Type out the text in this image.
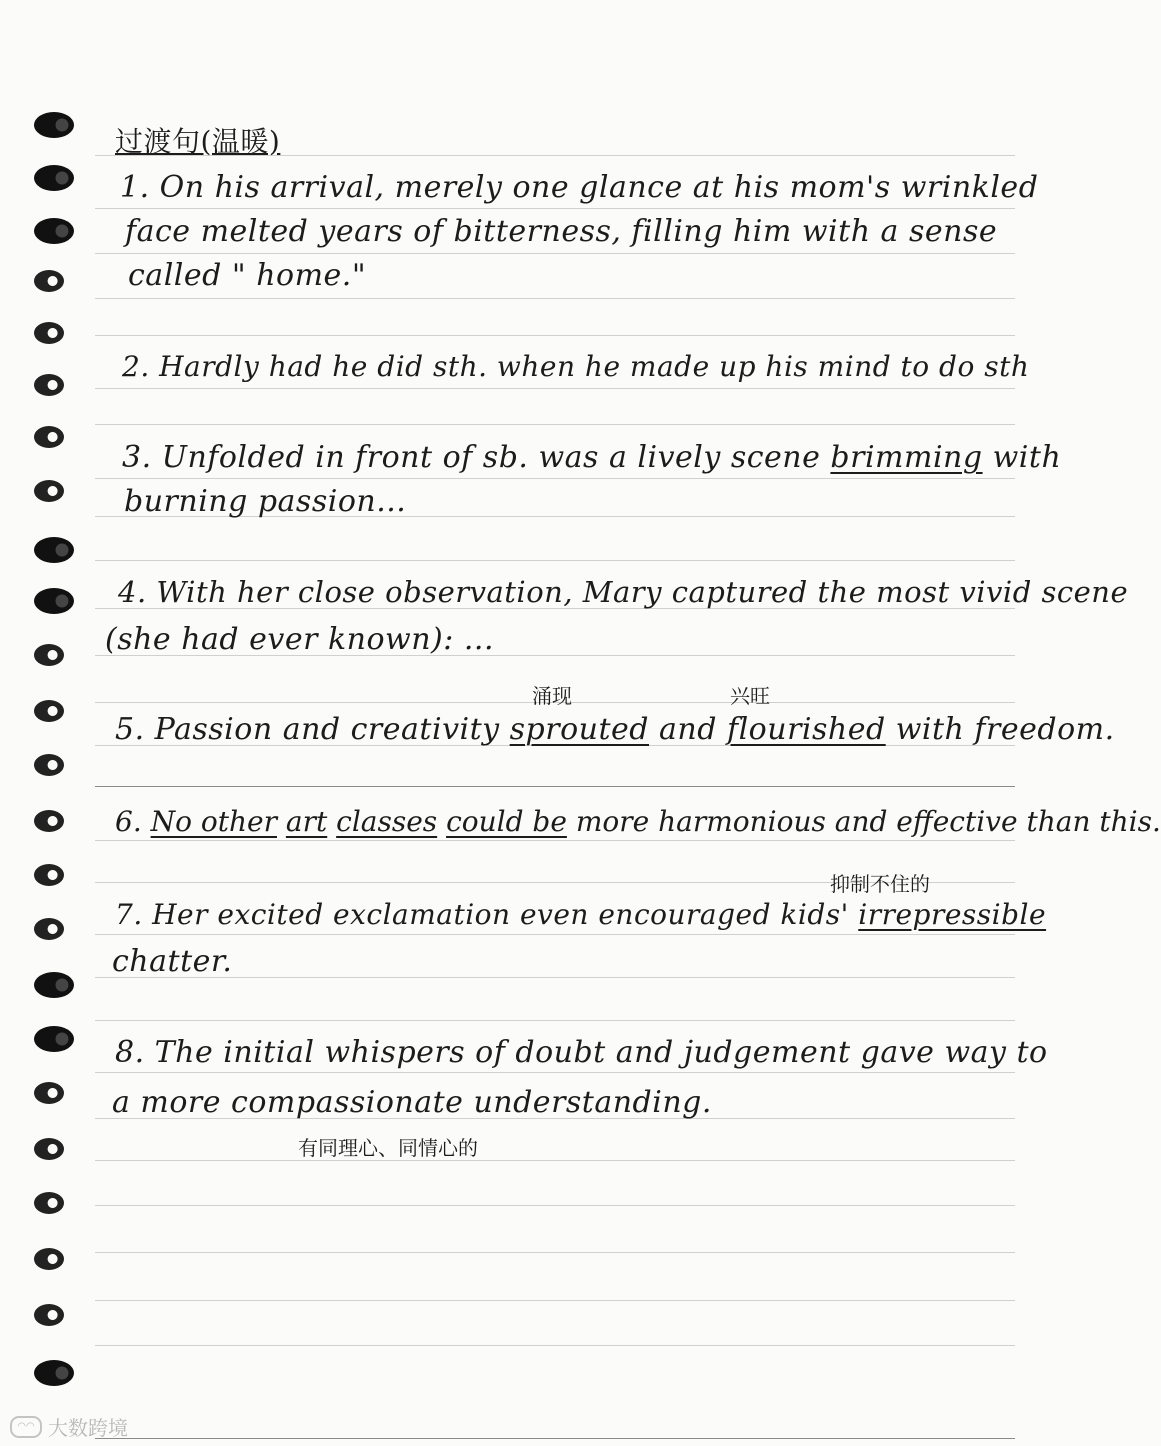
过渡句(温暖)
1. On his arrival, merely one glance at his mom's wrinkled
face melted years of bitterness, filling him with a sense
called " home."
2. Hardly had he did sth. when he made up his mind to do sth
3. Unfolded in front of sb. was a lively scene brimming with
burning passion...
4. With her close observation, Mary captured the most vivid scene
(she had ever known): ...
涌现	兴旺
5. Passion and creativity sprouted and flourished with freedom.
6. No other art classes could be more harmonious and effective than this.
抑制不住的
7. Her excited exclamation even encouraged kids' irrepressible
chatter.
8. The initial whispers of doubt and judgement gave way to
a more compassionate understanding.
有同理心、同情心的
◠◠ 大数跨境
